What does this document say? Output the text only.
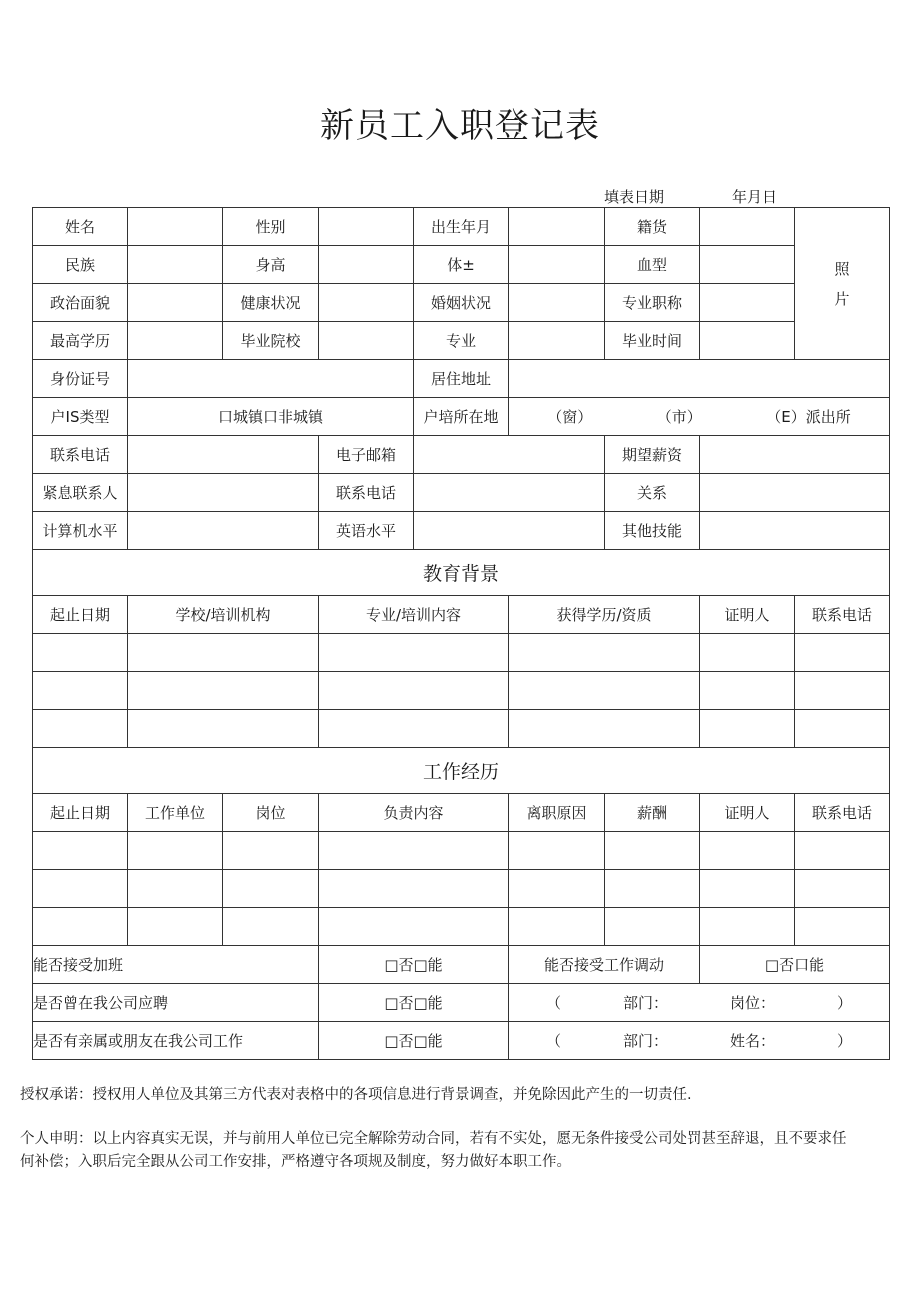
新员工入职登记表
填表日期	年月日
姓名		性别		出生年月		籍货		照
片

民族		身高		体±		血型		
政治面貌		健康状况		婚姻状况		专业职称		
最高学历		毕业院校		专业		毕业时间		
身份证号				居住地址				
户IS类型	口城镇口非城镇			户培所在地	（窗） （市） （E）派出所			

联系电话			电子邮箱			期望薪资		
紧息联系人			联系电话			关系		
计算机水平			英语水平			其他技能		
教育背景								
起止日期	学校/培训机构		专业/培训内容		获得学历/资质		证明人	联系电话

工作经历								
起止日期	工作单位	岗位	负责内容		离职原因	薪酬	证明人	联系电话

能否接受加班			□否□能		能否接受工作调动		□否口能	
是否曾在我公司应聘			□否□能		（ 部门： 岗位： ）			

是否有亲属或朋友在我公司工作			□否□能		（ 部门： 姓名： ）			
授权承诺：授权用人单位及其第三方代表对表格中的各项信息进行背景调查，并免除因此产生的一切责任.
个人申明：以上内容真实无误，并与前用人单位已完全解除劳动合同，若有不实处，愿无条件接受公司处罚甚至辞退，且不要求任
何补偿；入职后完全跟从公司工作安排，严格遵守各项规及制度，努力做好本职工作。
